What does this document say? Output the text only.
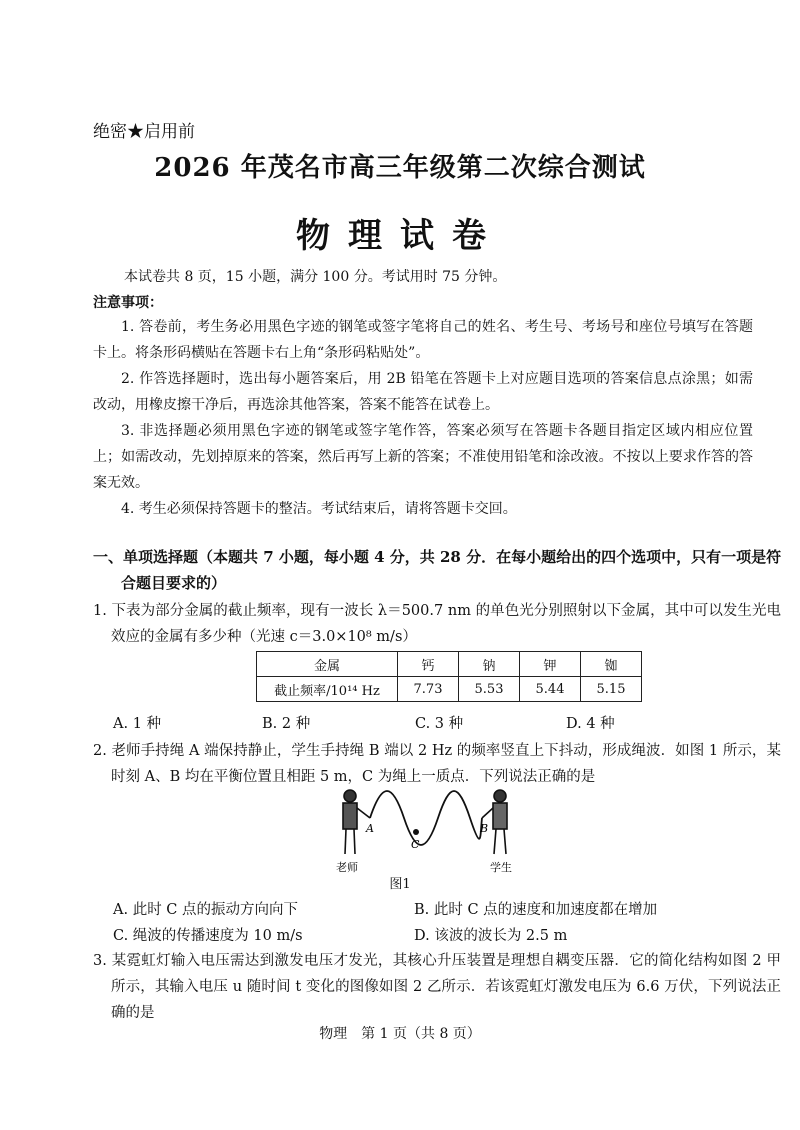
绝密★启用前

2026 年茂名市高三年级第二次综合测试

物理试卷

本试卷共 8 页，15 小题，满分 100 分。考试用时 75 分钟。

注意事项：

1. 答卷前，考生务必用黑色字迹的钢笔或签字笔将自己的姓名、考生号、考场号和座位号填写在答题卡上。将条形码横贴在答题卡右上角“条形码粘贴处”。

2. 作答选择题时，选出每小题答案后，用 2B 铅笔在答题卡上对应题目选项的答案信息点涂黑；如需改动，用橡皮擦干净后，再选涂其他答案，答案不能答在试卷上。

3. 非选择题必须用黑色字迹的钢笔或签字笔作答，答案必须写在答题卡各题目指定区域内相应位置上；如需改动，先划掉原来的答案，然后再写上新的答案；不准使用铅笔和涂改液。不按以上要求作答的答案无效。

4. 考生必须保持答题卡的整洁。考试结束后，请将答题卡交回。

一、单项选择题（本题共 7 小题，每小题 4 分，共 28 分．在每小题给出的四个选项中，只有一项是符合题目要求的）

1. 下表为部分金属的截止频率，现有一波长 λ＝500.7 nm 的单色光分别照射以下金属，其中可以发生光电效应的金属有多少种（光速 c＝3.0×10⁸ m/s）

金属	钙	钠	钾	铷
截止频率/10¹⁴ Hz	7.73	5.53	5.44	5.15
A. 1 种	B. 2 种	C. 3 种	D. 4 种

2. 老师手持绳 A 端保持静止，学生手持绳 B 端以 2 Hz 的频率竖直上下抖动，形成绳波．如图 1 所示，某时刻 A、B 均在平衡位置且相距 5 m，C 为绳上一质点．下列说法正确的是

A
C
B
老师	学生

图1

A. 此时 C 点的振动方向向下	B. 此时 C 点的速度和加速度都在增加
C. 绳波的传播速度为 10 m/s	D. 该波的波长为 2.5 m

3. 某霓虹灯输入电压需达到激发电压才发光，其核心升压装置是理想自耦变压器．它的简化结构如图 2 甲所示，其输入电压 u 随时间 t 变化的图像如图 2 乙所示．若该霓虹灯激发电压为 6.6 万伏，下列说法正确的是

物理　第 1 页（共 8 页）
